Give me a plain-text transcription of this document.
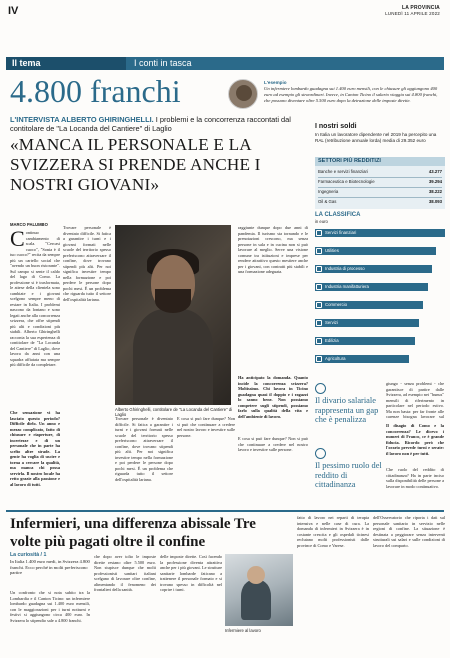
IV	LA PROVINCIA
LUNEDÌ 11 APRILE 2022
Il tema	I conti in tasca
4.800 franchi	L'esempio
Un infermiere lombardo guadagna sui 1.400 euro mensili, con le chiusure gli aggiungono 400 euro ad esempio gli straordinari. Invece, in Canton Ticino il salario viaggia sui 4.800 franchi, che possono diventare oltre 5.500 euro dopo la detrazione delle imposte dirette.
L'INTERVISTA ALBERTO GHIRINGHELLI. I problemi e la concorrenza raccontati dal contitolare de "La Locanda del Cantiere" di Laglio
«MANCA IL PERSONALE E LA SVIZZERA SI PRENDE ANCHE I NOSTRI GIOVANI»
MARCO PALUMBO
Continuo cambiamento di scala. "Cercasi cuoco", "Sonia è il tuo cuoco?" recita da sempre più un cartello social che "avendo un buon ristorante". Sul campo si sente il caldo del lago di Como. La professione si è trasformata, le attese della clientela sono cambiate e i giovani scelgono sempre meno di restare in Italia. I problemi nascono da lontano e sono legati anche alla concorrenza svizzera, che offre stipendi più alti e condizioni più stabili. Alberto Ghiringhelli racconta la sua esperienza di contitolare de "La Locanda del Cantiere" di Laglio, dove lavora da anni con una squadra affiatata ma sempre più difficile da completare.
Che sensazione vi ha lasciato questo periodo? Difficile dirlo. Un anno e mezzo complicato, fatto di chiusure e riaperture, di incertezze e di un personale che in parte ha scelto altre strade. La gente ha voglia di uscire e torna a cercare la qualità, ma manca chi possa servirla. Il nostro locale ha retto grazie alla passione e al lavoro di tutti.
Trovare personale è diventato difficile. Si fatica a garantire i turni e i giovani formati nelle scuole del territorio spesso preferiscono attraversare il confine, dove trovano stipendi più alti. Per noi significa investire tempo nella formazione e poi perdere le persone dopo pochi mesi. È un problema che riguarda tutto il settore dell'ospitalità lariana.
Alberto Ghiringhelli, contitolare de "La Locanda del Cantiere" di Laglio
Trovare personale è diventato difficile. Si fatica a garantire i turni e i giovani formati nelle scuole del territorio spesso preferiscono attraversare il confine, dove trovano stipendi più alti. Per noi significa investire tempo nella formazione e poi perdere le persone dopo pochi mesi. È un problema che riguarda tutto il settore dell'ospitalità lariana.
E cosa si può fare dunque? Non si può che continuare a credere nel nostro lavoro e investire sulle persone.
raggiunte dunque dopo due anni di pandemia. Il turismo sta tornando e le prenotazioni crescono, ma senza persone in sala e in cucina non si può lavorare al meglio. Serve una visione comune tra istituzioni e imprese per rendere attrattivo questo mestiere anche per i giovani, con contratti più stabili e una formazione adeguata.
Ha anticipato la domanda. Quanto incide la concorrenza svizzera? Moltissimo. Chi lavora in Ticino guadagna quasi il doppio e i ragazzi lo sanno bene. Non possiamo competere sugli stipendi, possiamo farlo sulla qualità della vita e dell'ambiente di lavoro.
E cosa si può fare dunque? Non si può che continuare a credere nel nostro lavoro e investire sulle persone.
I nostri soldi
In Italia un lavoratore dipendente nel 2019 ha percepito una RAL (retribuzione annuale lorda) media di 29.352 euro
SETTORI PIÙ REDDITIZI
Banche e servizi finanziari	43.277
Farmaceutica e Biotecnologie	39.294
Ingegneria	38.222
Oil & Gas	38.093
LA CLASSIFICA
in euro
Servizi finanziari
Utilities
Industria di processo
Industria manifatturiera
Commercio
Servizi
Edilizia
Agricoltura
Il divario salariale rappresenta un gap che è penalizza
Il pessimo ruolo del reddito di cittadinanza
giungo - senza problemi - che garantisce di partire dalle Svizzera, ad esempio nei "bunus" mensili di riferimento in particolare nel periodo estivo. Ma non basta: per far fronte alle carenze bisogna lavorare sul
Il disagio di Como e la concorrenza? Le dicevo i numeri di Franco, ce è grande fiducia. Ricordo però che l'orario prevede turni e serate: il lavoro non è per tutti.
Che ruolo del reddito di cittadinanza? Ha in parte inciso sulla disponibilità delle persone a lavorare in modo continuativo.
Infermieri, una differenza abissale Tre volte più pagati oltre il confine
La curiosità / 1
In Italia 1.400 euro medi, in Svizzera 4.800 franchi. Ecco perché in molti preferiscono partire
Un confronto che si nota subito tra la Lombardia e il Canton Ticino: un infermiere lombardo guadagna sui 1.400 euro mensili, con le maggiorazioni per i turni notturni e festivi si aggiungono circa 400 euro. In Svizzera lo stipendio sale a 4.800 franchi.
che dopo aver tolto le imposte dirette restano oltre 5.500 euro. Non stupisce dunque che molti professionisti sanitari italiani scelgano di lavorare oltre confine, alimentando il fenomeno dei frontalieri della sanità.
delle imposte dirette. Così facendo la professione diventa attrattiva anche per i più giovani. Le strutture sanitarie lombarde faticano a trattenere il personale formato e si trovano spesso in difficoltà nel coprire i turni.
Infermiere al lavoro
fatto di lavoro nei reparti di terapia intensiva e nelle case di cura. La domanda di infermieri in Svizzera è in costante crescita e gli ospedali ticinesi reclutano molti professionisti dalle province di Como e Varese.
dell'Osservatorio che riporta i dati sul personale sanitario in servizio nelle regioni di confine. La situazione è destinata a peggiorare senza interventi strutturali sui salari e sulle condizioni di lavoro del comparto.
